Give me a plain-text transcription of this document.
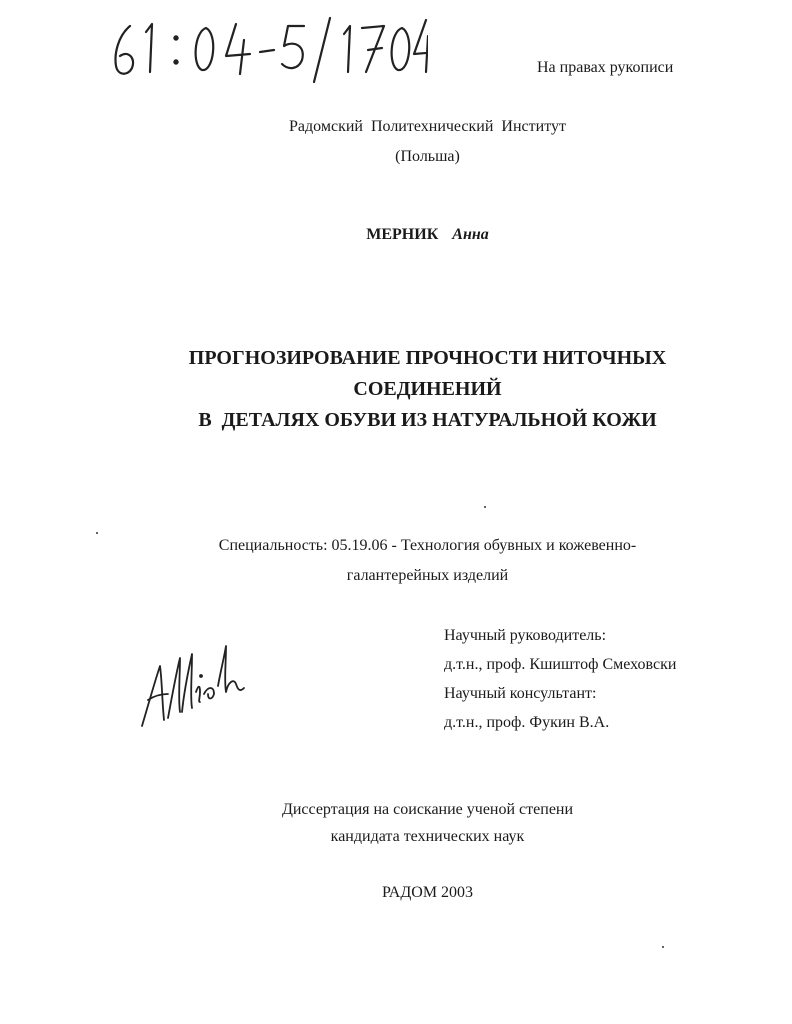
На правах рукописи
Радомский Политехнический Институт
(Польша)
МЕРНИК Анна
ПРОГНОЗИРОВАНИЕ ПРОЧНОСТИ НИТОЧНЫХ
СОЕДИНЕНИЙ
В  ДЕТАЛЯХ ОБУВИ ИЗ НАТУРАЛЬНОЙ КОЖИ
Специальность: 05.19.06 - Технология обувных и кожевенно-
галантерейных изделий
Научный руководитель:
д.т.н., проф. Кшиштоф Смеховски
Научный консультант:
д.т.н., проф. Фукин В.А.
Диссертация на соискание ученой степени
кандидата технических наук
РАДОМ 2003
